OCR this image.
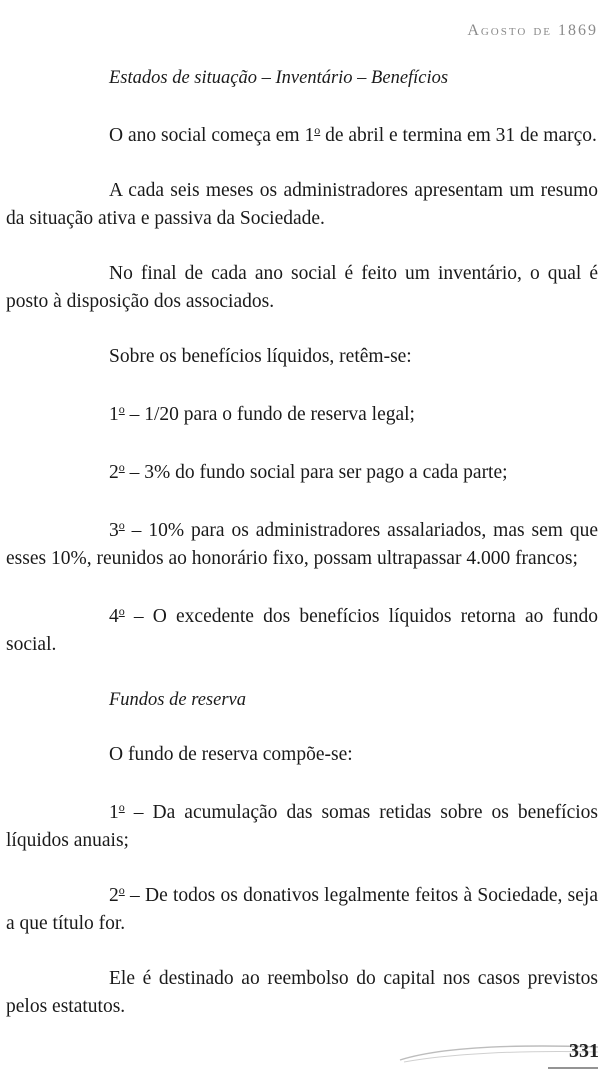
Agosto de 1869

Estados de situação – Inventário – Benefícios

O ano social começa em 1$^o$ de abril e termina em 31 de março.

A cada seis meses os administradores apresentam um resumo da situação ativa e passiva da Sociedade.

No final de cada ano social é feito um inventário, o qual é posto à disposição dos associados.

Sobre os benefícios líquidos, retêm-se:

1$^o$ – 1/20 para o fundo de reserva legal;

2$^o$ – 3% do fundo social para ser pago a cada parte;

3$^o$ – 10% para os administradores assalariados, mas sem que esses 10%, reunidos ao honorário fixo, possam ultrapassar 4.000 francos;

4$^o$ – O excedente dos benefícios líquidos retorna ao fundo social.

Fundos de reserva

O fundo de reserva compõe-se:

1$^o$ – Da acumulação das somas retidas sobre os benefícios líquidos anuais;

2$^o$ – De todos os donativos legalmente feitos à Sociedade, seja a que título for.

Ele é destinado ao reembolso do capital nos casos previstos pelos estatutos.

331
